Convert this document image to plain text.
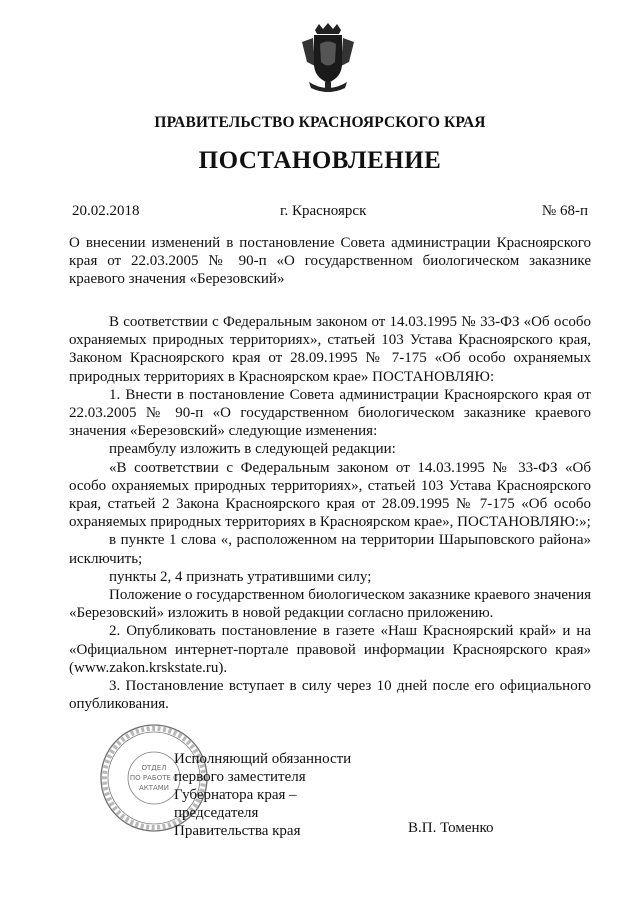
ПРАВИТЕЛЬСТВО КРАСНОЯРСКОГО КРАЯ
ПОСТАНОВЛЕНИЕ
20.02.2018	г. Красноярск	№ 68-п
О внесении изменений в постановление Совета администрации Красноярского края от 22.03.2005 № 90-п «О государственном биологическом заказнике краевого значения «Березовский»

В соответствии с Федеральным законом от 14.03.1995 № 33-ФЗ «Об особо охраняемых природных территориях», статьей 103 Устава Красноярского края, Законом Красноярского края от 28.09.1995 № 7-175 «Об особо охраняемых природных территориях в Красноярском крае» ПОСТАНОВЛЯЮ:

1. Внести в постановление Совета администрации Красноярского края от 22.03.2005 № 90-п «О государственном биологическом заказнике краевого значения «Березовский» следующие изменения:

преамбулу изложить в следующей редакции:

«В соответствии с Федеральным законом от 14.03.1995 № 33-ФЗ «Об особо охраняемых природных территориях», статьей 103 Устава Красноярского края, статьей 2 Закона Красноярского края от 28.09.1995 № 7-175 «Об особо охраняемых природных территориях в Красноярском крае», ПОСТАНОВЛЯЮ:»;

в пункте 1 слова «, расположенном на территории Шарыповского района» исключить;

пункты 2, 4 признать утратившими силу;

Положение о государственном биологическом заказнике краевого значения «Березовский» изложить в новой редакции согласно приложению.

2. Опубликовать постановление в газете «Наш Красноярский край» и на «Официальном интернет-портале правовой информации Красноярского края» (www.zakon.krskstate.ru).

3. Постановление вступает в силу через 10 дней после его официального опубликования.

ОТДЕЛ
ПО РАБОТЕ С
АКТАМИ
Исполняющий обязанности
первого заместителя
Губернатора края –
председателя
Правительства края	В.П. Томенко
